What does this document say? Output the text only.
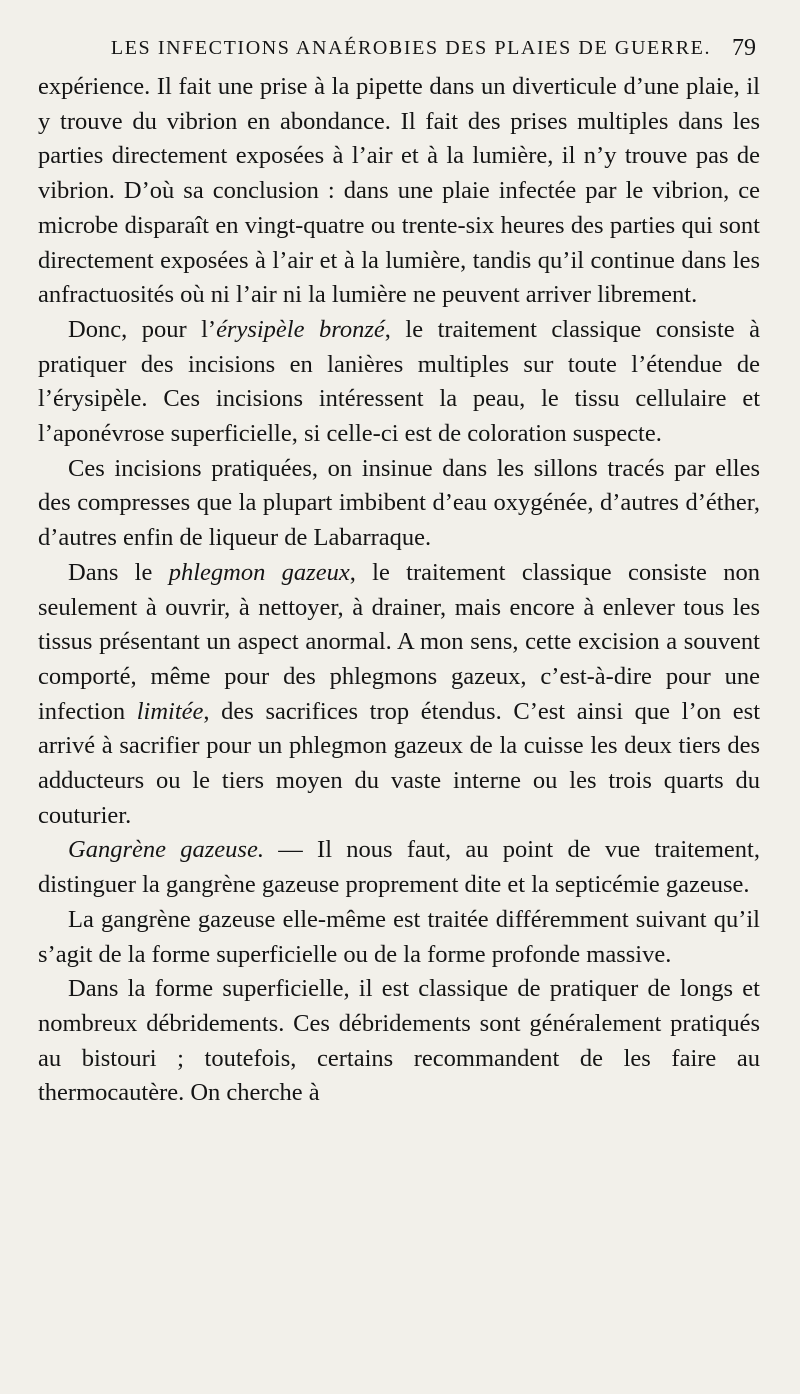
LES INFECTIONS ANAÉROBIES DES PLAIES DE GUERRE. 79

expérience. Il fait une prise à la pipette dans un diverticule d’une plaie, il y trouve du vibrion en abondance. Il fait des prises multiples dans les parties directement exposées à l’air et à la lumière, il n’y trouve pas de vibrion. D’où sa conclusion : dans une plaie infectée par le vibrion, ce microbe disparaît en vingt-quatre ou trente-six heures des parties qui sont directement exposées à l’air et à la lumière, tandis qu’il continue dans les anfractuosités où ni l’air ni la lumière ne peuvent arriver librement.

Donc, pour l’érysipèle bronzé, le traitement classique consiste à pratiquer des incisions en lanières multiples sur toute l’étendue de l’érysipèle. Ces incisions intéressent la peau, le tissu cellulaire et l’aponévrose superficielle, si celle-ci est de coloration suspecte.

Ces incisions pratiquées, on insinue dans les sillons tracés par elles des compresses que la plupart imbibent d’eau oxygénée, d’autres d’éther, d’autres enfin de liqueur de Labarraque.

Dans le phlegmon gazeux, le traitement classique consiste non seulement à ouvrir, à nettoyer, à drainer, mais encore à enlever tous les tissus présentant un aspect anormal. A mon sens, cette excision a souvent comporté, même pour des phlegmons gazeux, c’est-à-dire pour une infection limitée, des sacrifices trop étendus. C’est ainsi que l’on est arrivé à sacrifier pour un phlegmon gazeux de la cuisse les deux tiers des adducteurs ou le tiers moyen du vaste interne ou les trois quarts du couturier.

Gangrène gazeuse. — Il nous faut, au point de vue traitement, distinguer la gangrène gazeuse proprement dite et la septicémie gazeuse.

La gangrène gazeuse elle-même est traitée différemment suivant qu’il s’agit de la forme superficielle ou de la forme profonde massive.

Dans la forme superficielle, il est classique de pratiquer de longs et nombreux débridements. Ces débridements sont généralement pratiqués au bistouri ; toutefois, certains recommandent de les faire au thermocautère. On cherche à
